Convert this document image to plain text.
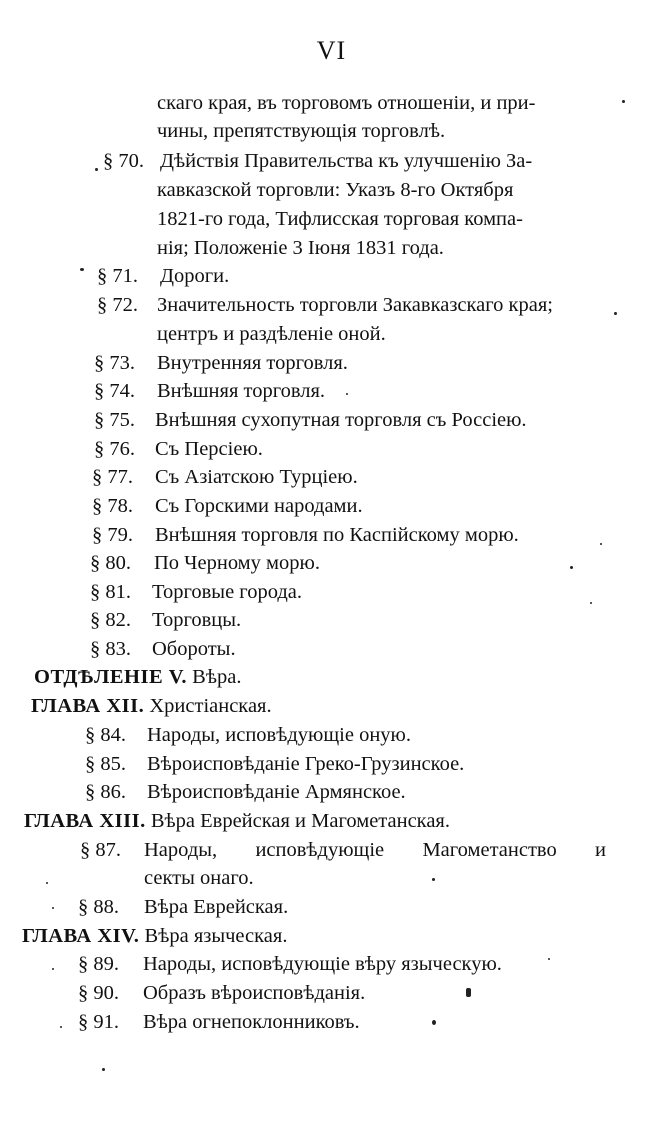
VI
скаго края, въ торговомъ отношеніи, и при-
чины, препятствующія торговлѣ.
§ 70. Дѣйствія Правительства къ улучшенію За-
кавказской торговли: Указъ 8-го Октября
1821-го года, Тифлисская торговая компа-
нія; Положеніе 3 Іюня 1831 года.
§ 71. Дороги.
§ 72. Значительность торговли Закавказскаго края;
центръ и раздѣленіе оной.
§ 73. Внутренняя торговля.
§ 74. Внѣшняя торговля.
§ 75. Внѣшняя сухопутная торговля съ Россіею.
§ 76. Съ Персіею.
§ 77. Съ Азіатскою Турціею.
§ 78. Съ Горскими народами.
§ 79. Внѣшняя торговля по Каспійскому морю.
§ 80. По Черному морю.
§ 81. Торговые города.
§ 82. Торговцы.
§ 83. Обороты.
ОТДѢЛЕНІЕ V. Вѣра.
ГЛАВА XII. Христіанская.
§ 84. Народы, исповѣдующіе оную.
§ 85. Вѣроисповѣданіе Греко-Грузинское.
§ 86. Вѣроисповѣданіе Армянское.
ГЛАВА XIII. Вѣра Еврейская и Магометанская.
§ 87. Народы, исповѣдующіе Магометанство и
секты онаго.
§ 88. Вѣра Еврейская.
ГЛАВА XIV. Вѣра языческая.
§ 89. Народы, исповѣдующіе вѣру языческую.
§ 90. Образъ вѣроисповѣданія.
§ 91. Вѣра огнепоклонниковъ.
